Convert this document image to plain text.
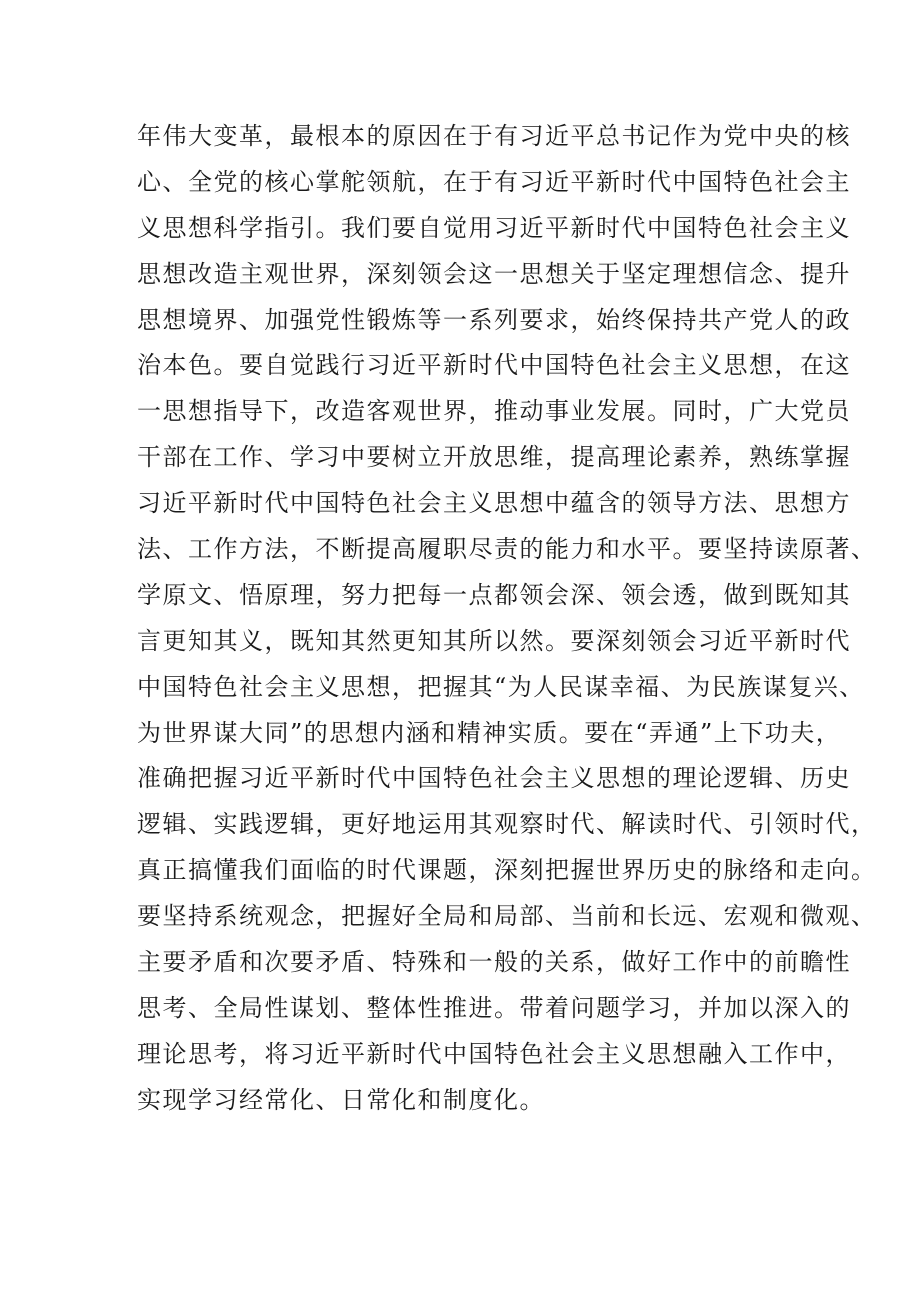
年伟大变革，最根本的原因在于有习近平总书记作为党中央的核
心、全党的核心掌舵领航，在于有习近平新时代中国特色社会主
义思想科学指引。我们要自觉用习近平新时代中国特色社会主义
思想改造主观世界，深刻领会这一思想关于坚定理想信念、提升
思想境界、加强党性锻炼等一系列要求，始终保持共产党人的政
治本色。要自觉践行习近平新时代中国特色社会主义思想，在这
一思想指导下，改造客观世界，推动事业发展。同时，广大党员
干部在工作、学习中要树立开放思维，提高理论素养，熟练掌握
习近平新时代中国特色社会主义思想中蕴含的领导方法、思想方
法、工作方法，不断提高履职尽责的能力和水平。要坚持读原著、
学原文、悟原理，努力把每一点都领会深、领会透，做到既知其
言更知其义，既知其然更知其所以然。要深刻领会习近平新时代
中国特色社会主义思想，把握其“为人民谋幸福、为民族谋复兴、
为世界谋大同”的思想内涵和精神实质。要在“弄通”上下功夫，
准确把握习近平新时代中国特色社会主义思想的理论逻辑、历史
逻辑、实践逻辑，更好地运用其观察时代、解读时代、引领时代，
真正搞懂我们面临的时代课题，深刻把握世界历史的脉络和走向。
要坚持系统观念，把握好全局和局部、当前和长远、宏观和微观、
主要矛盾和次要矛盾、特殊和一般的关系，做好工作中的前瞻性
思考、全局性谋划、整体性推进。带着问题学习，并加以深入的
理论思考，将习近平新时代中国特色社会主义思想融入工作中，
实现学习经常化、日常化和制度化。
